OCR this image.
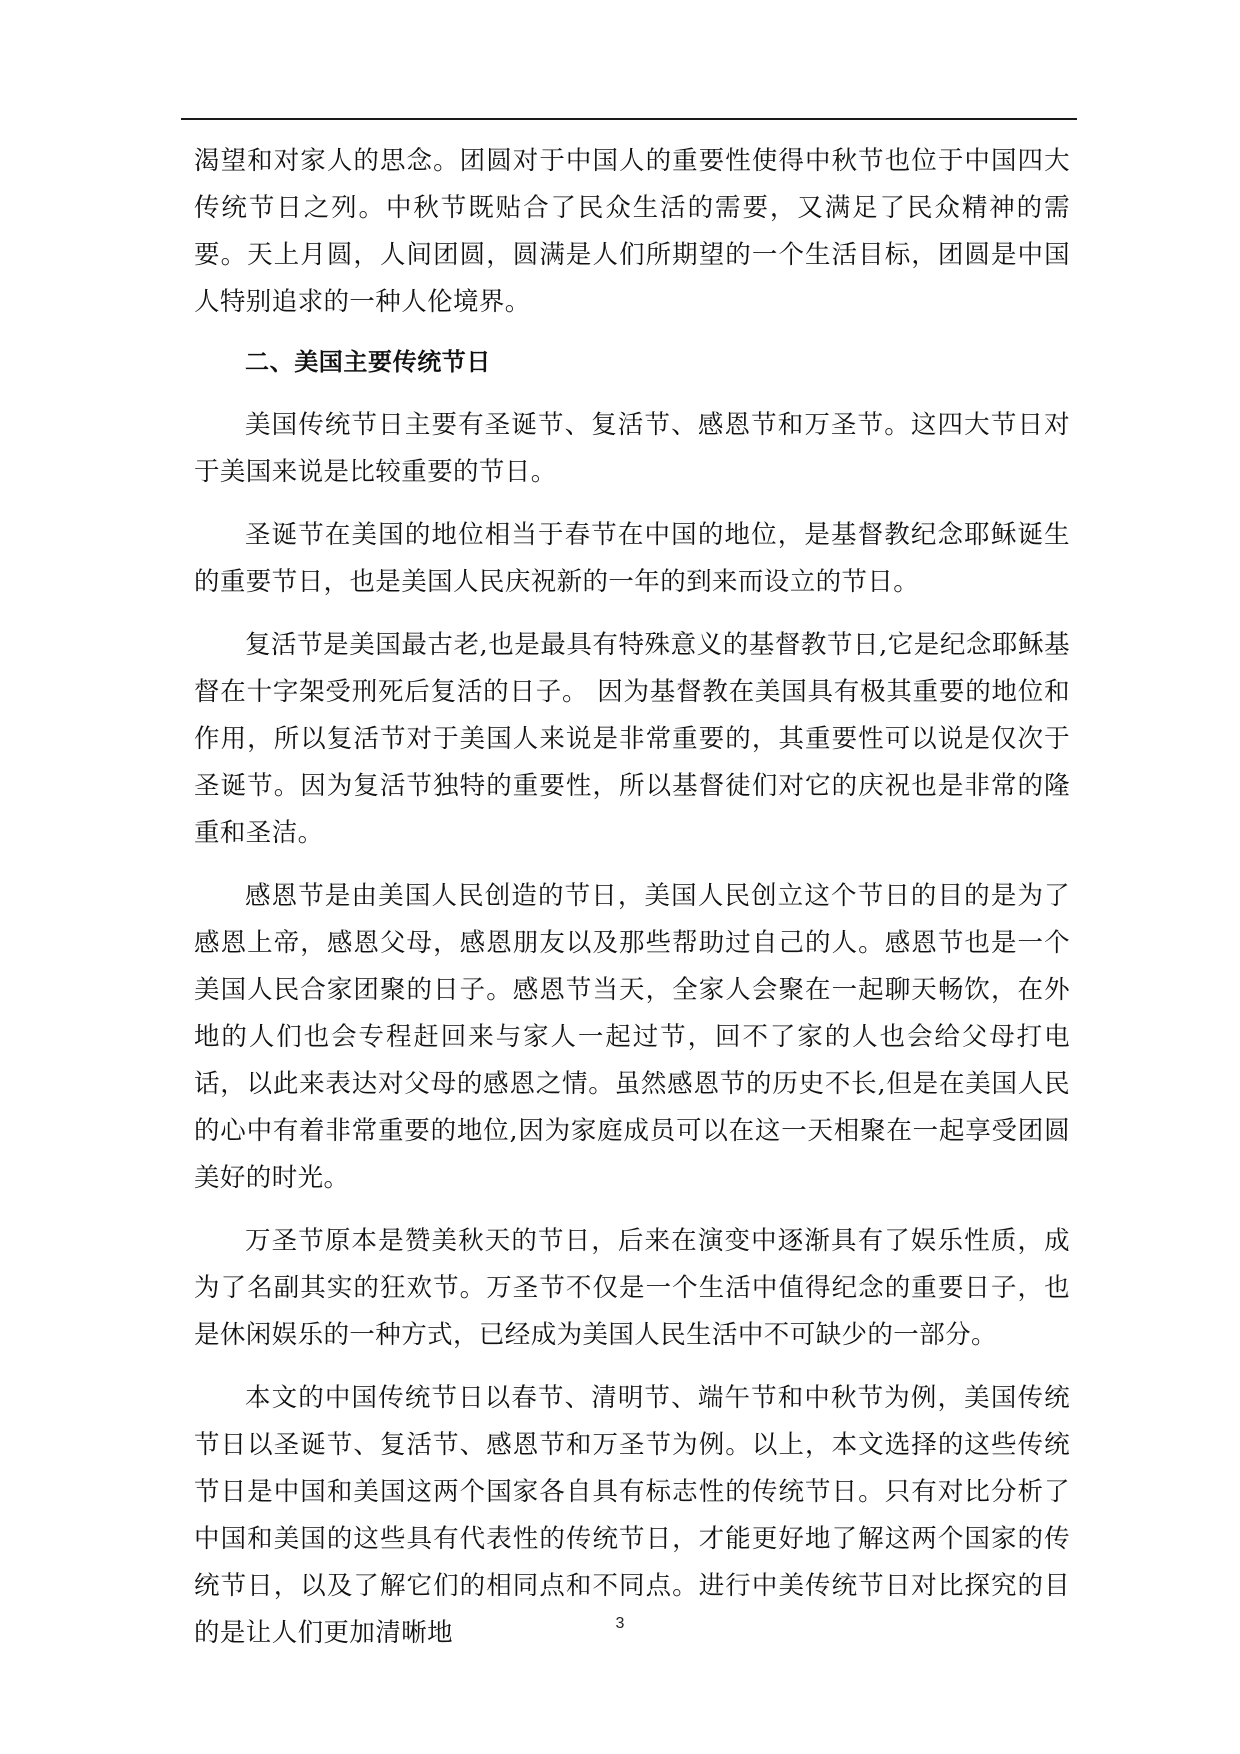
渴望和对家人的思念。团圆对于中国人的重要性使得中秋节也位于中国四大传统节日之列。中秋节既贴合了民众生活的需要，又满足了民众精神的需要。天上月圆，人间团圆，圆满是人们所期望的一个生活目标，团圆是中国人特别追求的一种人伦境界。

二、美国主要传统节日

美国传统节日主要有圣诞节、复活节、感恩节和万圣节。这四大节日对于美国来说是比较重要的节日。

圣诞节在美国的地位相当于春节在中国的地位，是基督教纪念耶稣诞生的重要节日，也是美国人民庆祝新的一年的到来而设立的节日。

复活节是美国最古老,也是最具有特殊意义的基督教节日,它是纪念耶稣基督在十字架受刑死后复活的日子。 因为基督教在美国具有极其重要的地位和作用，所以复活节对于美国人来说是非常重要的，其重要性可以说是仅次于圣诞节。因为复活节独特的重要性，所以基督徒们对它的庆祝也是非常的隆重和圣洁。

感恩节是由美国人民创造的节日，美国人民创立这个节日的目的是为了感恩上帝，感恩父母，感恩朋友以及那些帮助过自己的人。感恩节也是一个美国人民合家团聚的日子。感恩节当天，全家人会聚在一起聊天畅饮，在外地的人们也会专程赶回来与家人一起过节，回不了家的人也会给父母打电话，以此来表达对父母的感恩之情。虽然感恩节的历史不长,但是在美国人民的心中有着非常重要的地位,因为家庭成员可以在这一天相聚在一起享受团圆美好的时光。

万圣节原本是赞美秋天的节日，后来在演变中逐渐具有了娱乐性质，成为了名副其实的狂欢节。万圣节不仅是一个生活中值得纪念的重要日子，也是休闲娱乐的一种方式，已经成为美国人民生活中不可缺少的一部分。

本文的中国传统节日以春节、清明节、端午节和中秋节为例，美国传统节日以圣诞节、复活节、感恩节和万圣节为例。以上，本文选择的这些传统节日是中国和美国这两个国家各自具有标志性的传统节日。只有对比分析了中国和美国的这些具有代表性的传统节日，才能更好地了解这两个国家的传统节日，以及了解它们的相同点和不同点。进行中美传统节日对比探究的目的是让人们更加清晰地	3
